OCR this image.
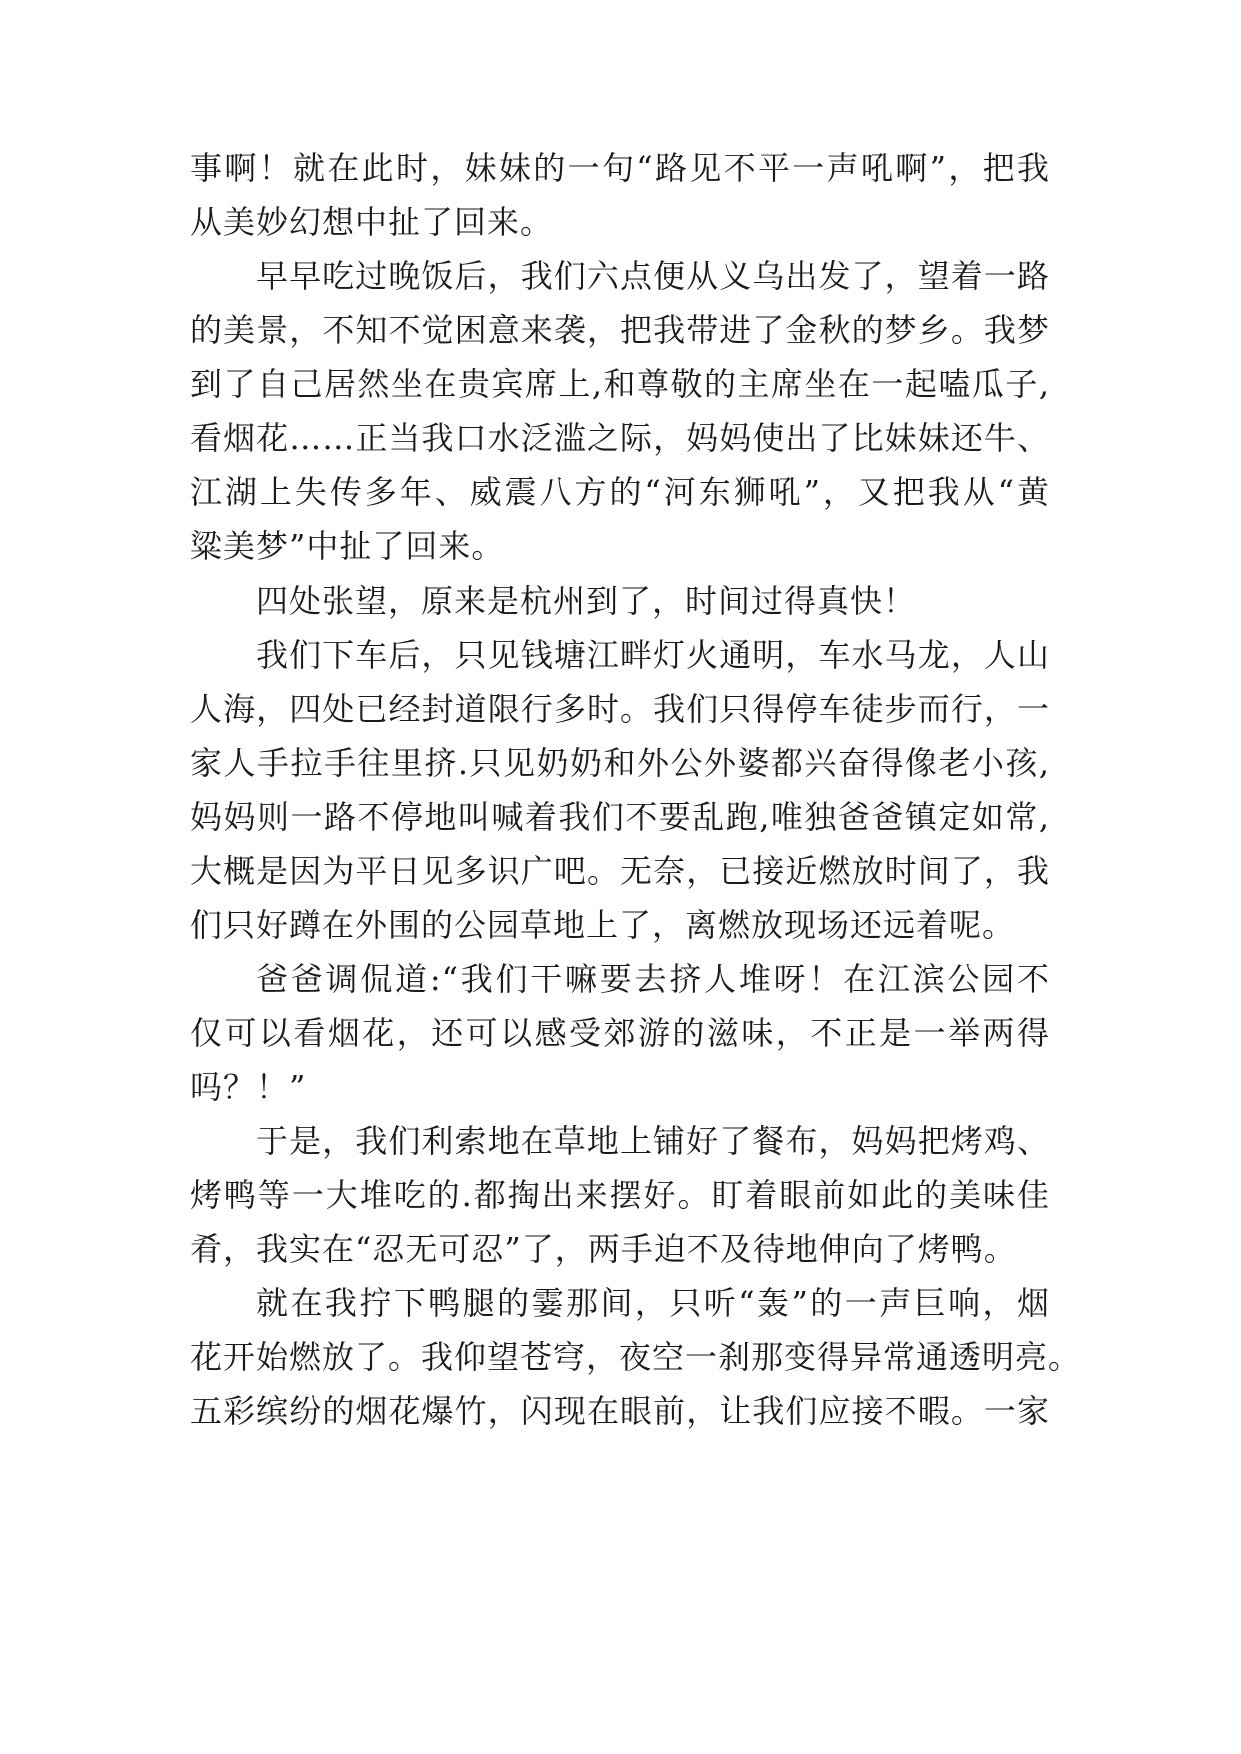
事啊！就在此时，妹妹的一句“路见不平一声吼啊”，把我
从美妙幻想中扯了回来。
早早吃过晚饭后，我们六点便从义乌出发了，望着一路
的美景，不知不觉困意来袭，把我带进了金秋的梦乡。我梦
到了自己居然坐在贵宾席上,和尊敬的主席坐在一起嗑瓜子,
看烟花……正当我口水泛滥之际，妈妈使出了比妹妹还牛、
江湖上失传多年、威震八方的“河东狮吼”，又把我从“黄
粱美梦”中扯了回来。
四处张望，原来是杭州到了，时间过得真快！
我们下车后，只见钱塘江畔灯火通明，车水马龙，人山
人海，四处已经封道限行多时。我们只得停车徒步而行，一
家人手拉手往里挤.只见奶奶和外公外婆都兴奋得像老小孩,
妈妈则一路不停地叫喊着我们不要乱跑,唯独爸爸镇定如常,
大概是因为平日见多识广吧。无奈，已接近燃放时间了，我
们只好蹲在外围的公园草地上了，离燃放现场还远着呢。
爸爸调侃道:“我们干嘛要去挤人堆呀！在江滨公园不
仅可以看烟花，还可以感受郊游的滋味，不正是一举两得
吗？！”
于是，我们利索地在草地上铺好了餐布，妈妈把烤鸡、
烤鸭等一大堆吃的.都掏出来摆好。盯着眼前如此的美味佳
肴，我实在“忍无可忍”了，两手迫不及待地伸向了烤鸭。
就在我拧下鸭腿的霎那间，只听“轰”的一声巨响，烟
花开始燃放了。我仰望苍穹，夜空一刹那变得异常通透明亮。
五彩缤纷的烟花爆竹，闪现在眼前，让我们应接不暇。一家
